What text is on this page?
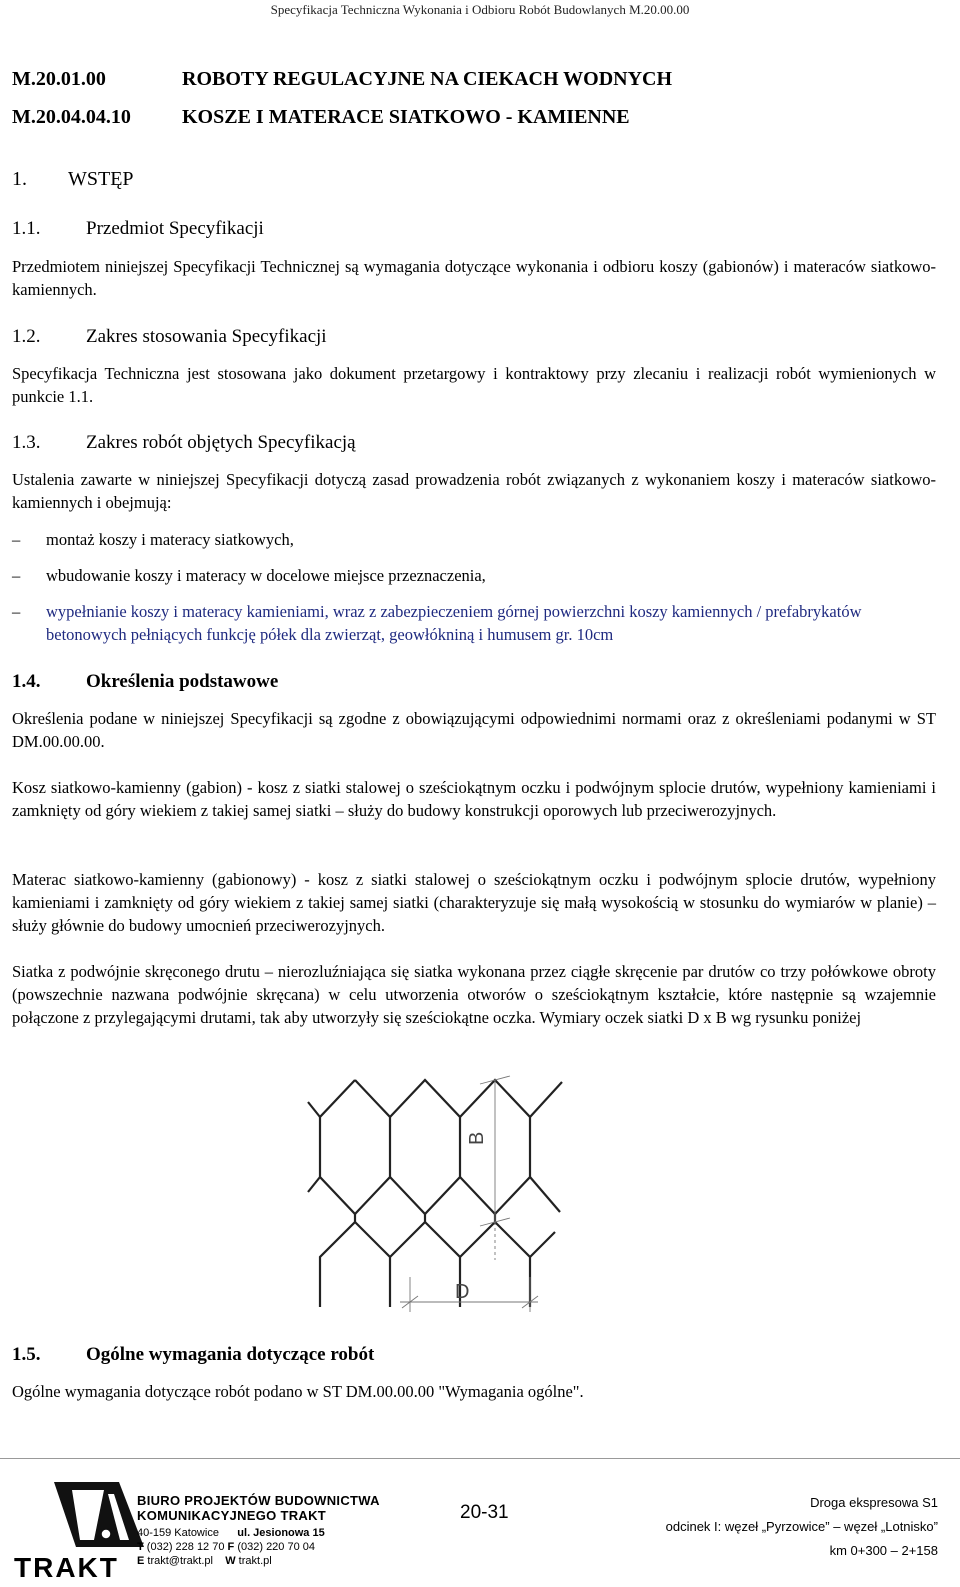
Specyfikacja Techniczna Wykonania i Odbioru Robót Budowlanych M.20.00.00
M.20.01.00	ROBOTY REGULACYJNE NA CIEKACH WODNYCH
M.20.04.04.10	KOSZE I MATERACE SIATKOWO - KAMIENNE
1. WSTĘP
1.1. Przedmiot Specyfikacji

Przedmiotem niniejszej Specyfikacji Technicznej są wymagania dotyczące wykonania i odbioru koszy (gabionów) i materaców siatkowo-kamiennych.

1.2. Zakres stosowania Specyfikacji

Specyfikacja Techniczna jest stosowana jako dokument przetargowy i kontraktowy przy zlecaniu i realizacji robót wymienionych w punkcie 1.1.

1.3. Zakres robót objętych Specyfikacją

Ustalenia zawarte w niniejszej Specyfikacji dotyczą zasad prowadzenia robót związanych z wykonaniem koszy i materaców siatkowo-kamiennych i obejmują:

– montaż koszy i materacy siatkowych,
– wbudowanie koszy i materacy w docelowe miejsce przeznaczenia,
– wypełnianie koszy i materacy kamieniami, wraz z zabezpieczeniem górnej powierzchni koszy kamiennych / prefabrykatów betonowych pełniących funkcję półek dla zwierząt, geowłókniną i humusem gr. 10cm
1.4. Określenia podstawowe

Określenia podane w niniejszej Specyfikacji są zgodne z obowiązującymi odpowiednimi normami oraz z określeniami podanymi w ST DM.00.00.00.

Kosz siatkowo-kamienny (gabion) - kosz z siatki stalowej o sześciokątnym oczku i podwójnym splocie drutów, wypełniony kamieniami i zamknięty od góry wiekiem z takiej samej siatki – służy do budowy konstrukcji oporowych lub przeciwerozyjnych.

Materac siatkowo-kamienny (gabionowy) - kosz z siatki stalowej o sześciokątnym oczku i podwójnym splocie drutów, wypełniony kamieniami i zamknięty od góry wiekiem z takiej samej siatki (charakteryzuje się małą wysokością w stosunku do wymiarów w planie) – służy głównie do budowy umocnień przeciwerozyjnych.

Siatka z podwójnie skręconego drutu – nierozluźniająca się siatka wykonana przez ciągłe skręcenie par drutów co trzy połówkowe obroty (powszechnie nazwana podwójnie skręcana) w celu utworzenia otworów o sześciokątnym kształcie, które następnie są wzajemnie połączone z przylegającymi drutami, tak aby utworzyły się sześciokątne oczka. Wymiary oczek siatki D x B wg rysunku poniżej

B
D
1.5. Ogólne wymagania dotyczące robót

Ogólne wymagania dotyczące robót podano w ST DM.00.00.00 "Wymagania ogólne".

TRAKT
BIURO PROJEKTÓW BUDOWNICTWA
KOMUNIKACYJNEGO TRAKT
40-159 Katowice ul. Jesionowa 15
T (032) 228 12 70 F (032) 220 70 04
E trakt@trakt.pl W trakt.pl
20-31	Droga ekspresowa S1
odcinek I: węzeł „Pyrzowice” – węzeł „Lotnisko”
km 0+300 – 2+158
